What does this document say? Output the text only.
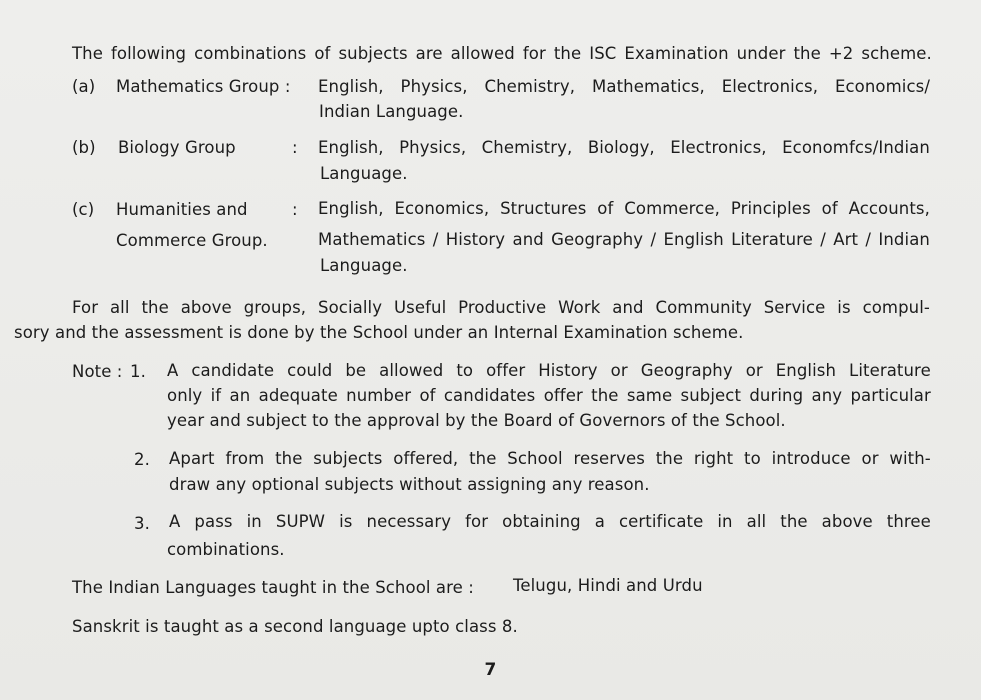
The following combinations of subjects are allowed for the ISC Examination under the +2 scheme.
(a) Mathematics Group : English, Physics, Chemistry, Mathematics, Electronics, Economics/
Indian Language.
(b) Biology Group	: English, Physics, Chemistry, Biology, Electronics, Economfcs/Indian
Language.
(c) Humanities and
Commerce Group.
: English, Economics, Structures of Commerce, Principles of Accounts,
Mathematics / History and Geography / English Literature / Art / Indian
Language.
For all the above groups, Socially Useful Productive Work and Community Service is compul-
sory and the assessment is done by the School under an Internal Examination scheme.
Note : 1. A candidate could be allowed to offer History or Geography or English Literature
only if an adequate number of candidates offer the same subject during any particular
year and subject to the approval by the Board of Governors of the School.
2. Apart from the subjects offered, the School reserves the right to introduce or with-
draw any optional subjects without assigning any reason.
3. A pass in SUPW is necessary for obtaining a certificate in all the above three
combinations.
The Indian Languages taught in the School are : Telugu, Hindi and Urdu
Sanskrit is taught as a second language upto class 8.
7
